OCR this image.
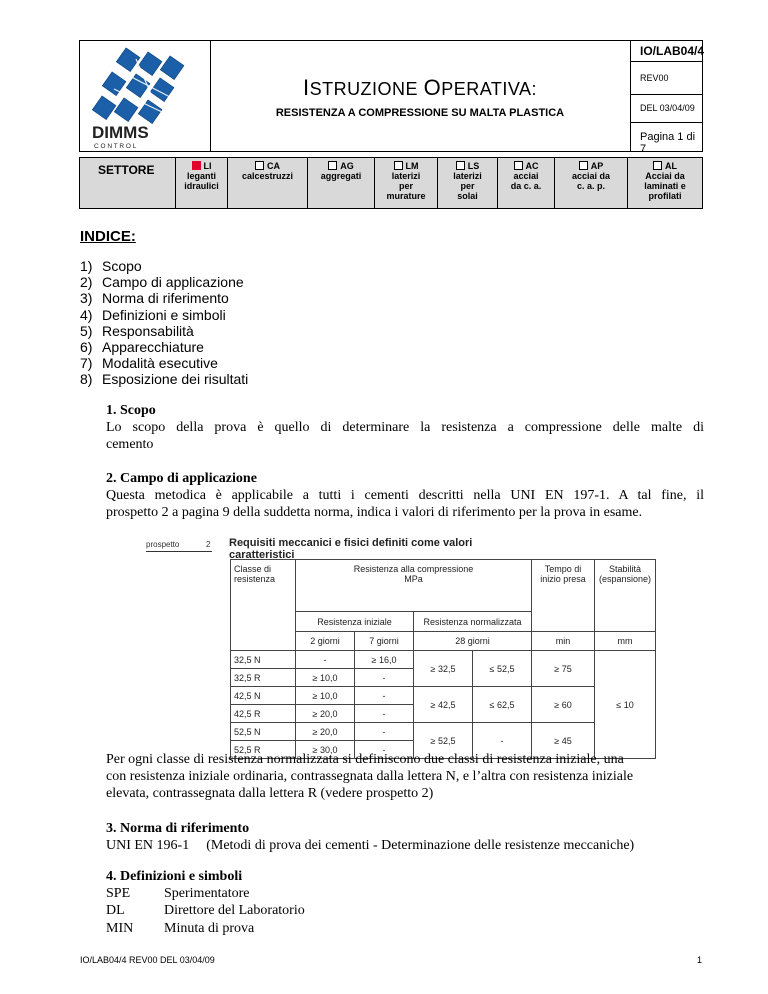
DIMMS
C O N T R O L
ISTRUZIONE OPERATIVA:
RESISTENZA A COMPRESSIONE SU MALTA PLASTICA
IO/LAB04/4
REV00
DEL 03/04/09
Pagina 1 di 7
SETTORE	LI
leganti
idraulici
CA
calcestruzzi
AG
aggregati
LM
laterizi
per
murature
LS
laterizi
per
solai
AC
acciai
da c. a.
AP
acciai da
c. a. p.
AL
Acciai da
laminati e
profilati
INDICE:
1) Scopo
2) Campo di applicazione
3) Norma di riferimento
4) Definizioni e simboli
5) Responsabilità
6) Apparecchiature
7) Modalità esecutive
8) Esposizione dei risultati
1. Scopo
Lo scopo della prova è quello di determinare la resistenza a compressione delle malte di
cemento
2. Campo di applicazione
Questa metodica è applicabile a tutti i cementi descritti nella UNI EN 197-1. A tal fine, il
prospetto 2 a pagina 9 della suddetta norma, indica i valori di riferimento per la prova in esame.
prospetto	2 Requisiti meccanici e fisici definiti come valori caratteristici
Classe di resistenza	Resistenza alla compressione
MPa				Tempo di inizio presa	Stabilità (espansione)
	Resistenza iniziale		Resistenza normalizzata			
	2 giorni	7 giorni	28 giorni		min	mm
32,5 N	-	≥ 16,0	≥ 32,5	≤ 52,5	≥ 75	≤ 10
32,5 R	≥ 10,0	-				
42,5 N	≥ 10,0	-	≥ 42,5	≤ 62,5	≥ 60	
42,5 R	≥ 20,0	-				
52,5 N	≥ 20,0	-	≥ 52,5	-	≥ 45	
52,5 R	≥ 30,0	-				
Per ogni classe di resistenza normalizzata si definiscono due classi di resistenza iniziale, una
con resistenza iniziale ordinaria, contrassegnata dalla lettera N, e l’altra con resistenza iniziale
elevata, contrassegnata dalla lettera R (vedere prospetto 2)
3. Norma di riferimento
UNI EN 196-1 (Metodi di prova dei cementi - Determinazione delle resistenze meccaniche)
4. Definizioni e simboli
SPE Sperimentatore
DL	Direttore del Laboratorio
MIN Minuta di prova
IO/LAB04/4 REV00 DEL 03/04/09	1
